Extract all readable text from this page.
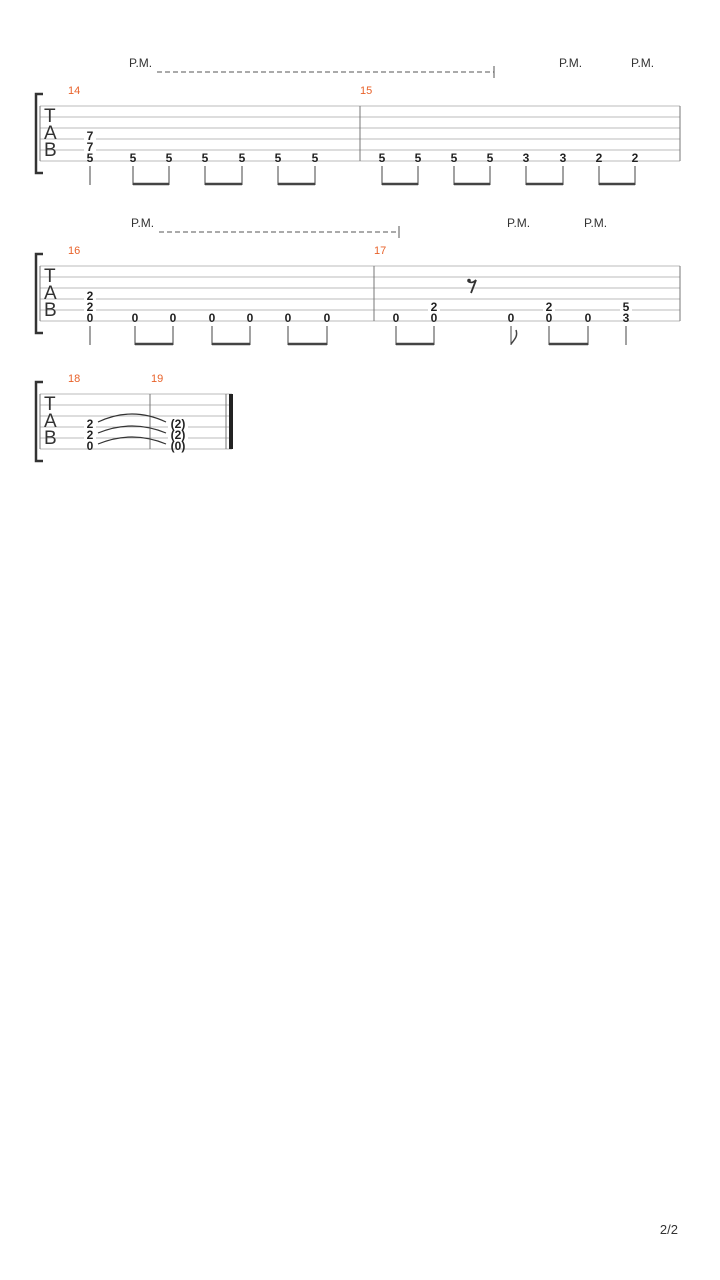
P.M.	P.M.	P.M.
14	15
T
A
B
7
7
5	5 5 5	5 5	5	5 5 5 5 3	3 2 2
P.M.	P.M.	P.M.
16	17
T
A
B
2
2
0	0	0	0	0	0	0	0
2
0	0
2
0	0
5
3
18	19
T
A
B
2
2
0
(2)
(2)
(0)
2/2
